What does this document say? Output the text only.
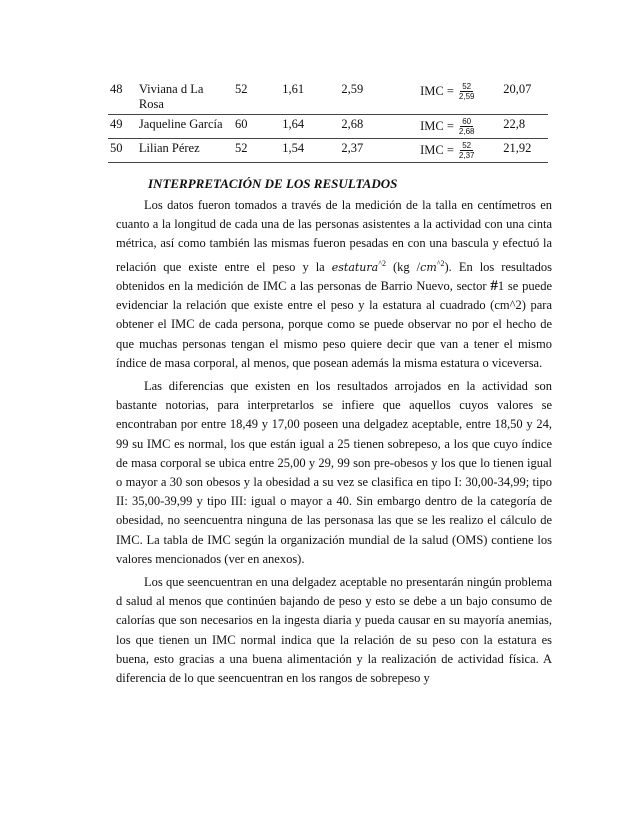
48	Viviana d La Rosa	52	1,61	2,59	IMC = $\frac{52}{2,59}$	20,07
49	Jaqueline García	60	1,64	2,68	IMC = $\frac{60}{2,68}$	22,8
50	Lilian Pérez	52	1,54	2,37	IMC = $\frac{52}{2,37}$	21,92
INTERPRETACIÓN DE LOS RESULTADOS

Los datos fueron tomados a través de la medición de la talla en centímetros en cuanto a la longitud de cada una de las personas asistentes a la actividad con una cinta métrica, así como también las mismas fueron pesadas en con una bascula y efectuó la relación que existe entre el peso y la estatura$^{\^{}2}$ (kg $/cm^{\^{}2}$). En los resultados obtenidos en la medición de IMC a las personas de Barrio Nuevo, sector #1 se puede evidenciar la relación que existe entre el peso y la estatura al cuadrado (cm^2) para obtener el IMC de cada persona, porque como se puede observar no por el hecho de que muchas personas tengan el mismo peso quiere decir que van a tener el mismo índice de masa corporal, al menos, que posean además la misma estatura o viceversa.

Las diferencias que existen en los resultados arrojados en la actividad son bastante notorias, para interpretarlos se infiere que aquellos cuyos valores se encontraban por entre 18,49 y 17,00 poseen una delgadez aceptable, entre 18,50 y 24, 99 su IMC es normal, los que están igual a 25 tienen sobrepeso, a los que cuyo índice de masa corporal se ubica entre 25,00 y 29, 99 son pre-obesos y los que lo tienen igual o mayor a 30 son obesos y la obesidad a su vez se clasifica en tipo I: 30,00-34,99; tipo II: 35,00-39,99 y tipo III: igual o mayor a 40. Sin embargo dentro de la categoría de obesidad, no seencuentra ninguna de las personasa las que se les realizo el cálculo de IMC. La tabla de IMC según la organización mundial de la salud (OMS) contiene los valores mencionados (ver en anexos).

Los que seencuentran en una delgadez aceptable no presentarán ningún problema d salud al menos que continúen bajando de peso y esto se debe a un bajo consumo de calorías que son necesarios en la ingesta diaria y pueda causar en su mayoría anemias, los que tienen un IMC normal indica que la relación de su peso con la estatura es buena, esto gracias a una buena alimentación y la realización de actividad física. A diferencia de lo que seencuentran en los rangos de sobrepeso y
